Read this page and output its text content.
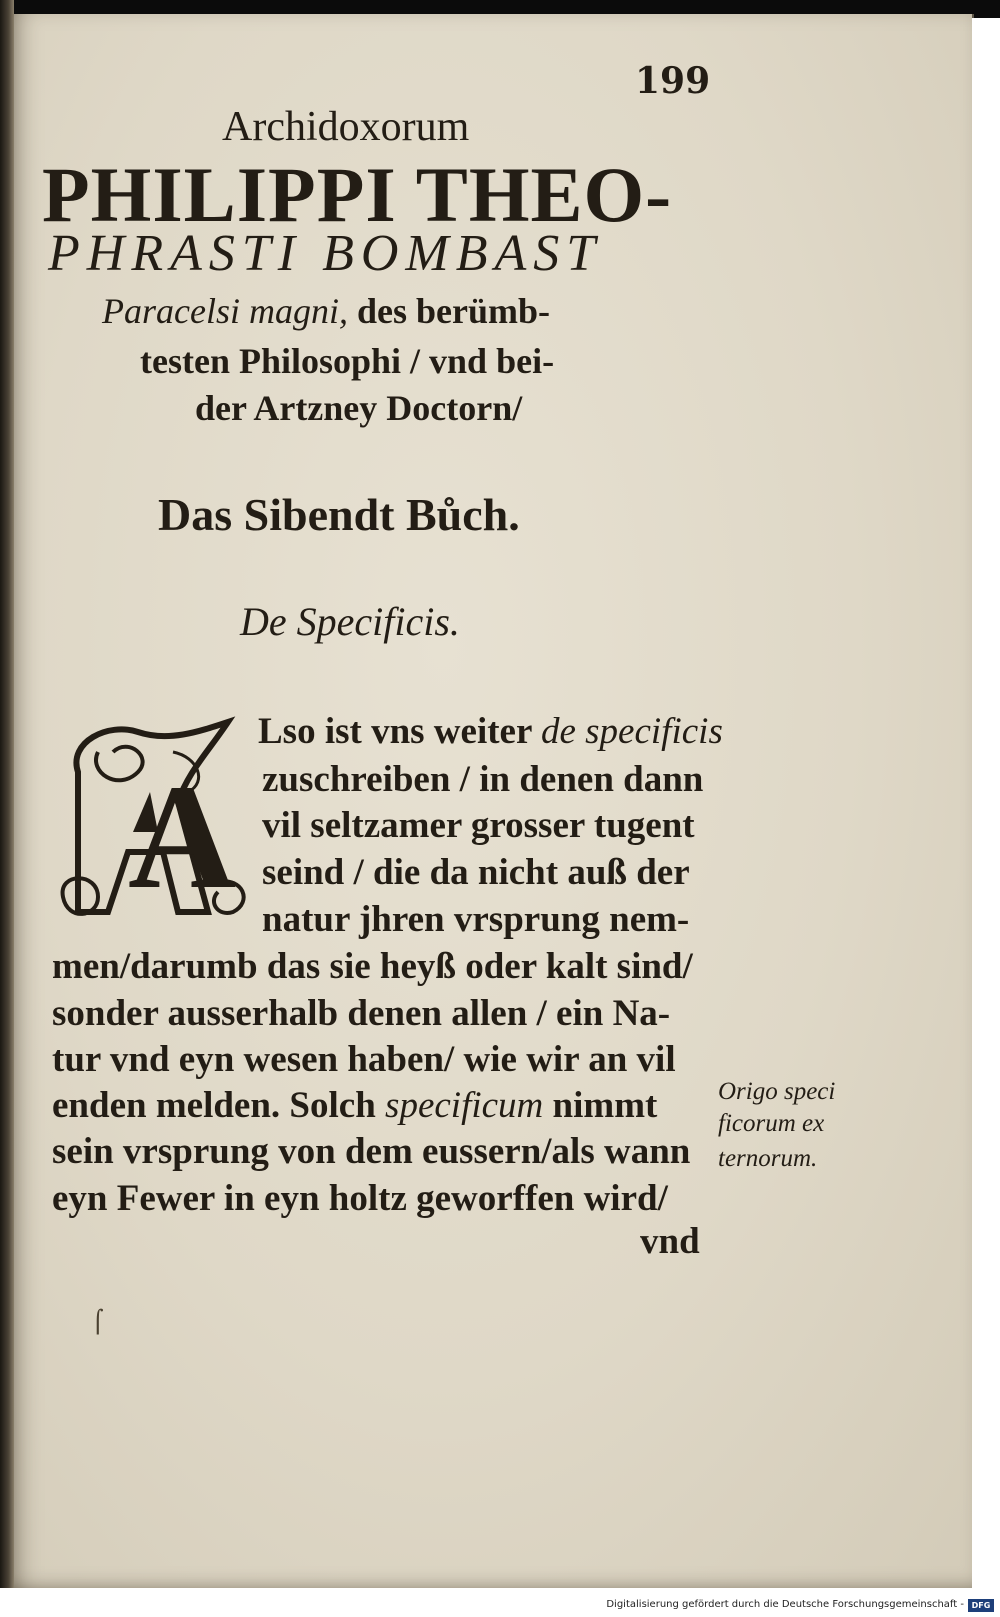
199
Archidoxorum
PHILIPPI THEO-
PHRASTI BOMBAST
Paracelsi magni, des berümb-
testen Philosophi / vnd bei-
der Artzney Doctorn/
Das Sibendt Bůch.
De Specificis.
A
Lso ist vns weiter de specificis
zuschreiben / in denen dann
vil seltzamer grosser tugent
seind / die da nicht auß der
natur jhren vrsprung nem-
men/darumb das sie heyß oder kalt sind/
sonder ausserhalb denen allen / ein Na-
tur vnd eyn wesen haben/ wie wir an vil
enden melden. Solch specificum nimmt
sein vrsprung von dem eussern/als wann
eyn Fewer in eyn holtz geworffen wird/
vnd
Origo speci
ficorum ex
ternorum.
⌠
Digitalisierung gefördert durch die Deutsche Forschungsgemeinschaft - DFG
